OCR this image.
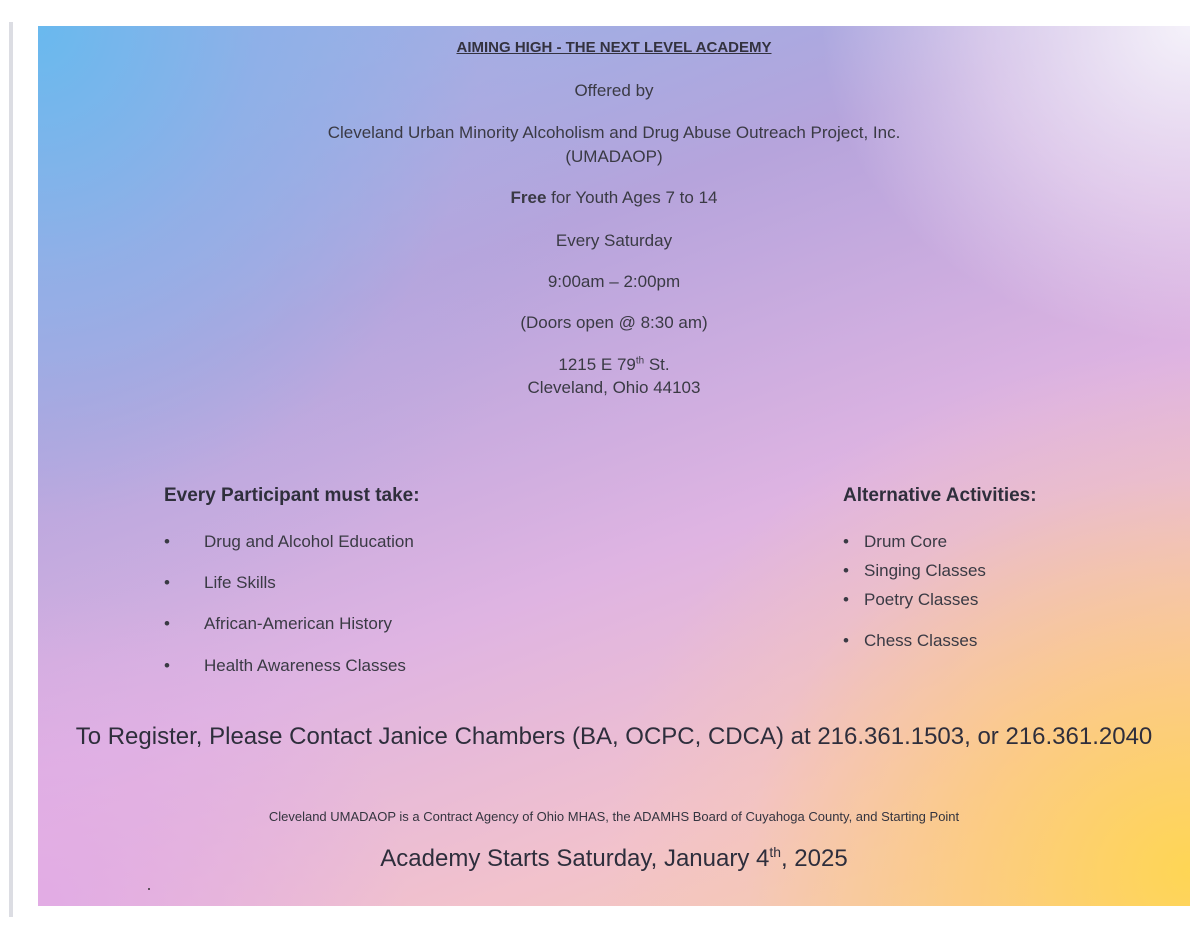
AIMING HIGH - THE NEXT LEVEL ACADEMY
Offered by
Cleveland Urban Minority Alcoholism and Drug Abuse Outreach Project, Inc.
(UMADAOP)
Free for Youth Ages 7 to 14
Every Saturday
9:00am – 2:00pm
(Doors open @ 8:30 am)
1215 E 79th St.
Cleveland, Ohio 44103
Every Participant must take:
• Drug and Alcohol Education
• Life Skills
• African-American History
• Health Awareness Classes
Alternative Activities:
• Drum Core
• Singing Classes
• Poetry Classes
• Chess Classes
To Register, Please Contact Janice Chambers (BA, OCPC, CDCA) at 216.361.1503, or 216.361.2040
Cleveland UMADAOP is a Contract Agency of Ohio MHAS, the ADAMHS Board of Cuyahoga County, and Starting Point
Academy Starts Saturday, January 4th, 2025
